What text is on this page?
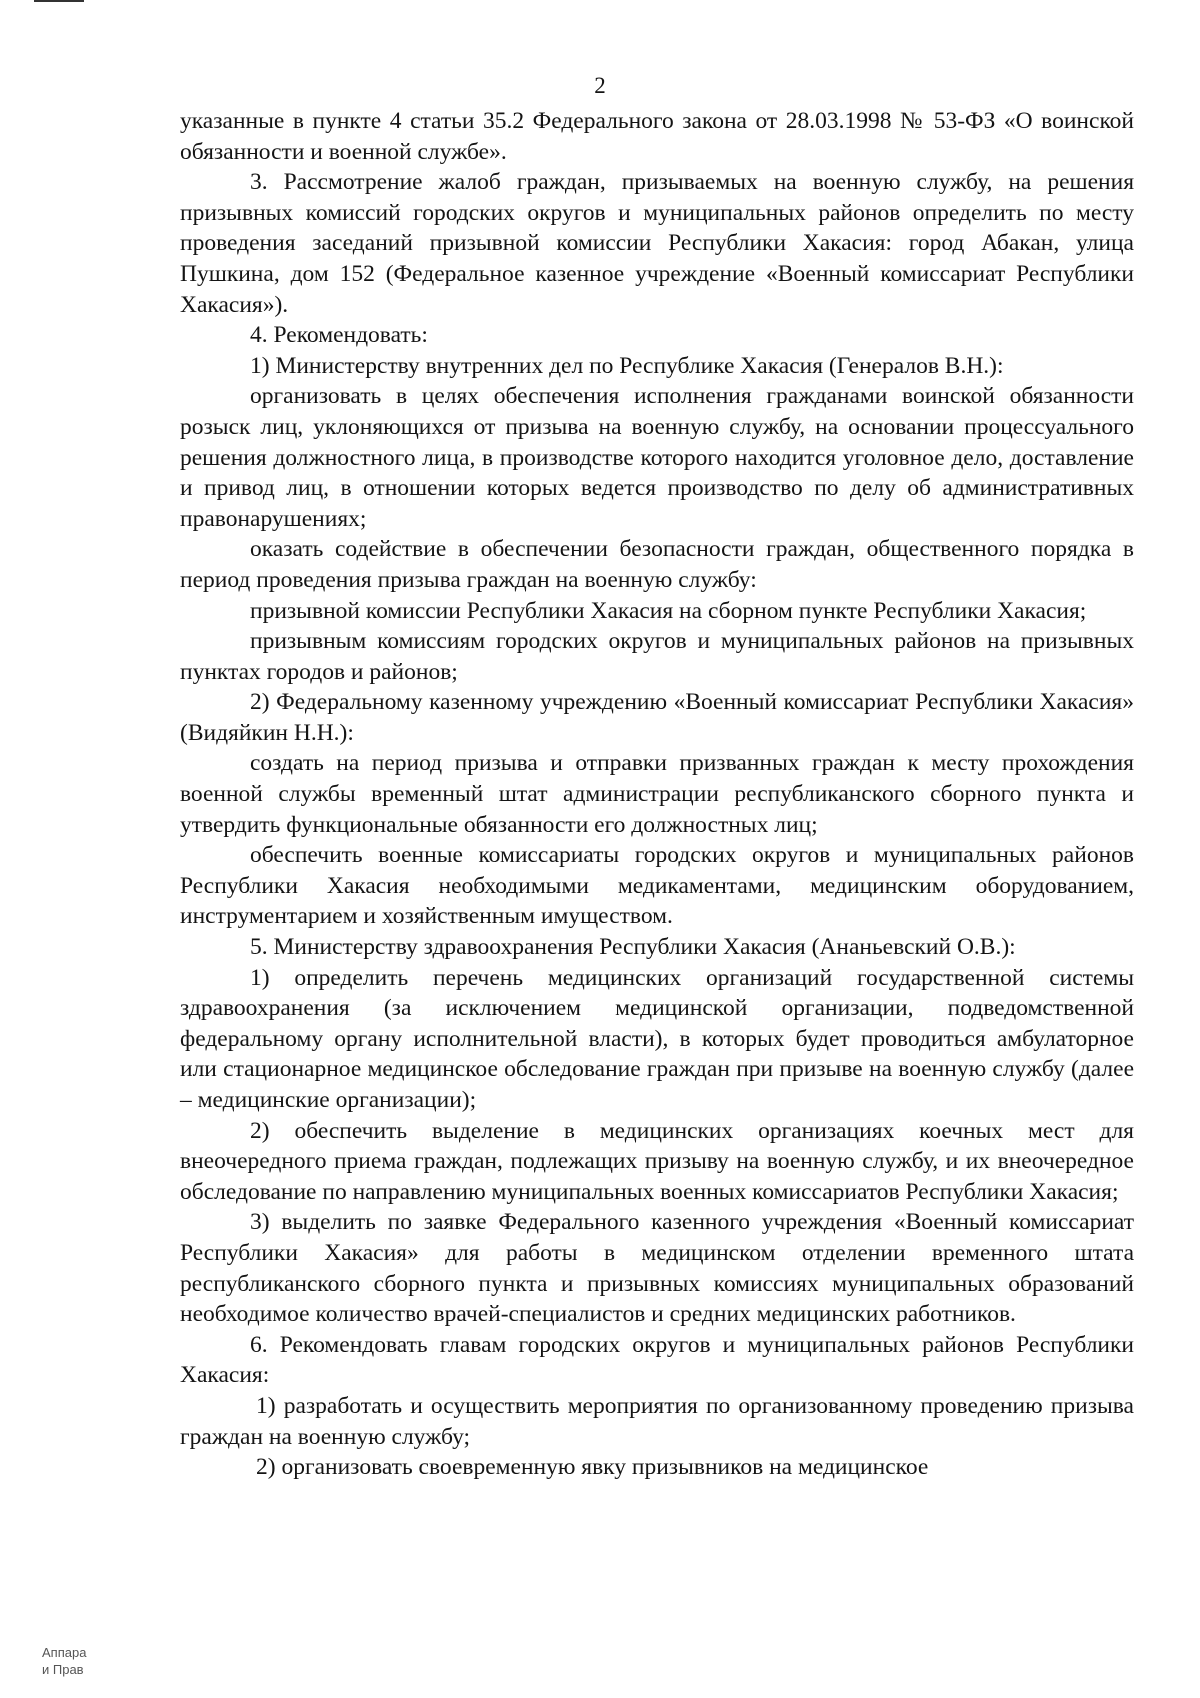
2

указанные в пункте 4 статьи 35.2 Федерального закона от 28.03.1998 № 53-ФЗ «О воинской обязанности и военной службе».

3. Рассмотрение жалоб граждан, призываемых на военную службу, на решения призывных комиссий городских округов и муниципальных районов определить по месту проведения заседаний призывной комиссии Республики Хакасия: город Абакан, улица Пушкина, дом 152 (Федеральное казенное учреждение «Военный комиссариат Республики Хакасия»).

4. Рекомендовать:

1) Министерству внутренних дел по Республике Хакасия (Генералов В.Н.):

организовать в целях обеспечения исполнения гражданами воинской обязанности розыск лиц, уклоняющихся от призыва на военную службу, на основании процессуального решения должностного лица, в производстве которого находится уголовное дело, доставление и привод лиц, в отношении которых ведется производство по делу об административных правонарушениях;

оказать содействие в обеспечении безопасности граждан, общественного порядка в период проведения призыва граждан на военную службу:

призывной комиссии Республики Хакасия на сборном пункте Республики Хакасия;

призывным комиссиям городских округов и муниципальных районов на призывных пунктах городов и районов;

2) Федеральному казенному учреждению «Военный комиссариат Республики Хакасия» (Видяйкин Н.Н.):

создать на период призыва и отправки призванных граждан к месту прохождения военной службы временный штат администрации республиканского сборного пункта и утвердить функциональные обязанности его должностных лиц;

обеспечить военные комиссариаты городских округов и муниципальных районов Республики Хакасия необходимыми медикаментами, медицинским оборудованием, инструментарием и хозяйственным имуществом.

5. Министерству здравоохранения Республики Хакасия (Ананьевский О.В.):

1) определить перечень медицинских организаций государственной системы здравоохранения (за исключением медицинской организации, подведомственной федеральному органу исполнительной власти), в которых будет проводиться амбулаторное или стационарное медицинское обследование граждан при призыве на военную службу (далее – медицинские организации);

2) обеспечить выделение в медицинских организациях коечных мест для внеочередного приема граждан, подлежащих призыву на военную службу, и их внеочередное обследование по направлению муниципальных военных комиссариатов Республики Хакасия;

3) выделить по заявке Федерального казенного учреждения «Военный комиссариат Республики Хакасия» для работы в медицинском отделении временного штата республиканского сборного пункта и призывных комиссиях муниципальных образований необходимое количество врачей-специалистов и средних медицинских работников.

6. Рекомендовать главам городских округов и муниципальных районов Республики Хакасия:

1) разработать и осуществить мероприятия по организованному проведению призыва граждан на военную службу;

2) организовать своевременную явку призывников на медицинское

Аппара
и Прав
